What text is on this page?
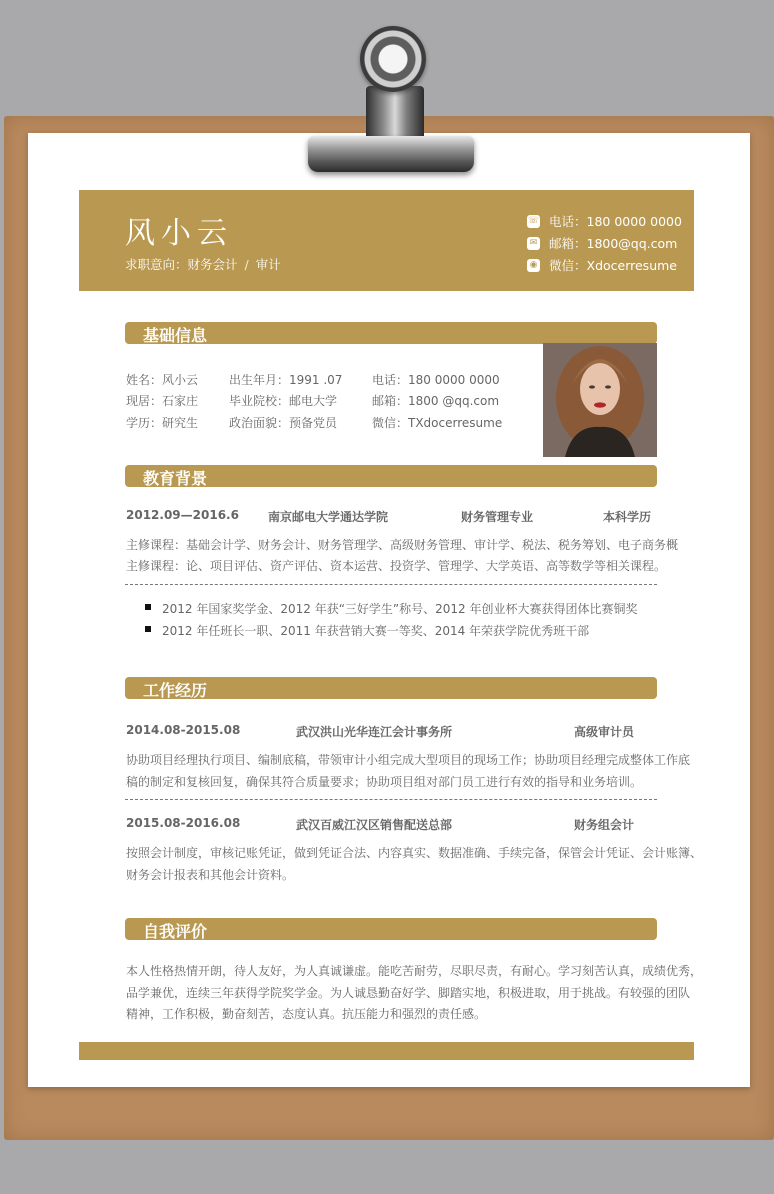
风小云
求职意向：财务会计 / 审计
☏ 电话：180 0000 0000
✉ 邮箱：1800@qq.com
◉ 微信：Xdocerresume
基础信息
姓名：风小云	出生年月：1991 .07 电话：180 0000 0000
现居：石家庄	毕业院校：邮电大学	邮箱：1800 @qq.com
学历：研究生	政治面貌：预备党员	微信：TXdocerresume
教育背景
2012.09—2016.6 南京邮电大学通达学院	财务管理专业	本科学历
主修课程：基础会计学、财务会计、财务管理学、高级财务管理、审计学、税法、税务筹划、电子商务概
主修课程：论、项目评估、资产评估、资本运营、投资学、管理学、大学英语、高等数学等相关课程。
2012 年国家奖学金、2012 年获“三好学生”称号、2012 年创业杯大赛获得团体比赛铜奖
2012 年任班长一职、2011 年获营销大赛一等奖、2014 年荣获学院优秀班干部
工作经历
2014.08-2015.08	武汉洪山光华连江会计事务所	高级审计员
协助项目经理执行项目、编制底稿，带领审计小组完成大型项目的现场工作；协助项目经理完成整体工作底
稿的制定和复核回复，确保其符合质量要求；协助项目组对部门员工进行有效的指导和业务培训。
2015.08-2016.08	武汉百威江汉区销售配送总部	财务组会计
按照会计制度，审核记账凭证，做到凭证合法、内容真实、数据准确、手续完备，保管会计凭证、会计账簿、
财务会计报表和其他会计资料。
自我评价
本人性格热情开朗，待人友好，为人真诚谦虚。能吃苦耐劳，尽职尽责，有耐心。学习刻苦认真，成绩优秀，
品学兼优，连续三年获得学院奖学金。为人诚恳勤奋好学、脚踏实地，积极进取，用于挑战。有较强的团队
精神，工作积极，勤奋刻苦，态度认真。抗压能力和强烈的责任感。
